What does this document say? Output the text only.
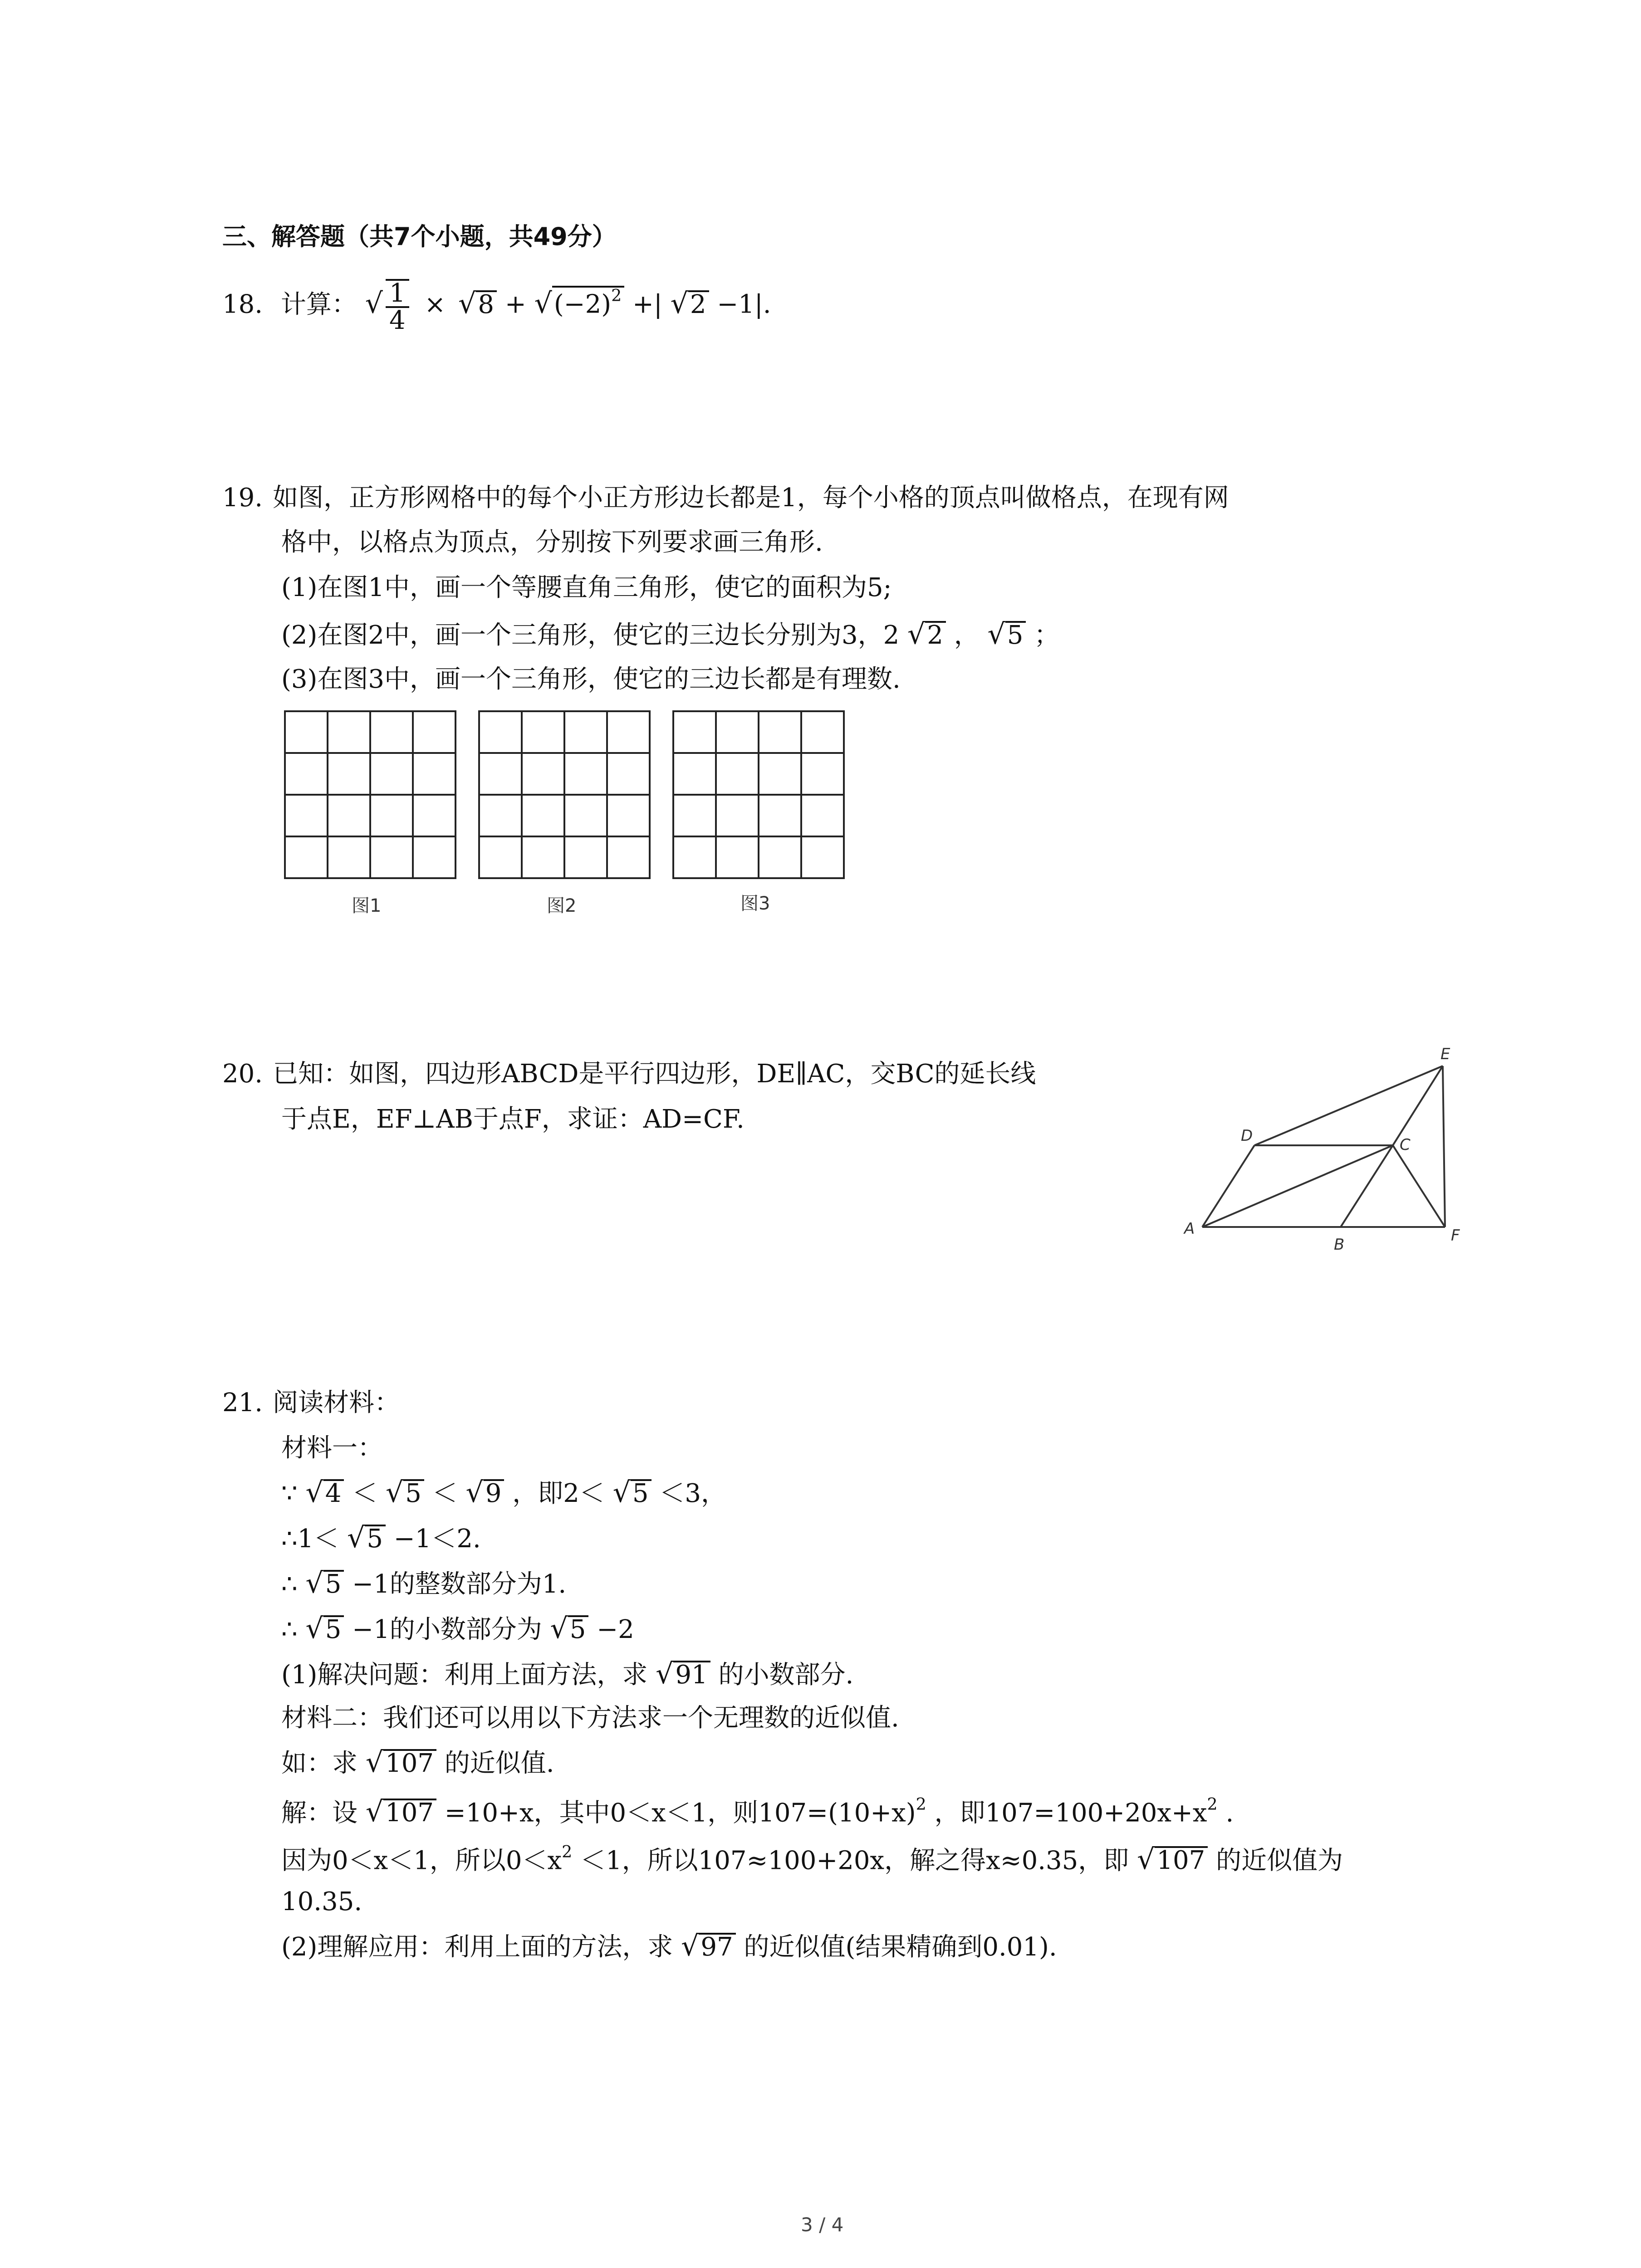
三、解答题（共7个小题，共49分）
18. 计算： √ $\frac{1}{4} \times √8 + √(-2)^2$ +| √2 −1|.
19. 如图，正方形网格中的每个小正方形边长都是1，每个小格的顶点叫做格点，在现有网
格中，以格点为顶点，分别按下列要求画三角形.
(1)在图1中，画一个等腰直角三角形，使它的面积为5;
(2)在图2中，画一个三角形，使它的三边长分别为3，2 √2 ， √5 ；
(3)在图3中，画一个三角形，使它的三边长都是有理数.
图1	图2	图3
20. 已知：如图，四边形ABCD是平行四边形，DE∥AC，交BC的延长线
于点E，EF⊥AB于点F，求证：AD=CF.
A
B
C
D
E
F
21. 阅读材料：
材料一：
∵ √4 ＜ √5 ＜ √9 ，即2＜ √5 ＜3，
∴1＜ √5 −1＜2.
∴ √5 −1的整数部分为1.
∴ √5 −1的小数部分为 √5 −2
(1)解决问题：利用上面方法，求 √91 的小数部分.
材料二：我们还可以用以下方法求一个无理数的近似值.
如：求 √107 的近似值.
解：设 √107 =10+x，其中0＜x＜1，则$107=(10+x)^2$ ，即$107=100+20x+x^2$ .
因为0＜x＜1，所以$0<x^2 <1$，所以107≈100+20x，解之得x≈0.35，即 √107 的近似值为
10.35.
(2)理解应用：利用上面的方法，求 √97 的近似值(结果精确到0.01).
3 / 4
